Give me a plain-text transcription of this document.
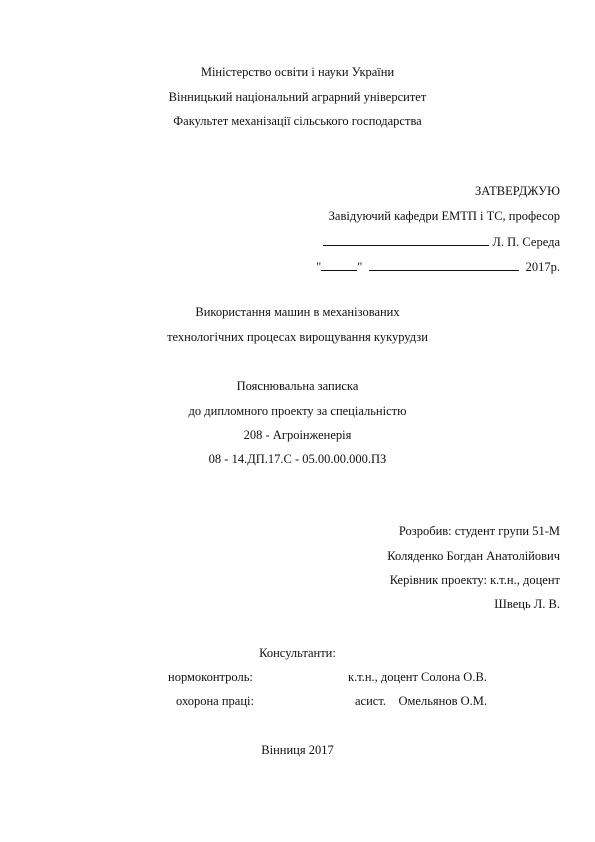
Міністерство освіти і науки України
Вінницький національний аграрний університет
Факультет механізації сільського господарства
ЗАТВЕРДЖУЮ
Завідуючий кафедри ЕМТП і ТС, професор
Л. П. Середа
"	"	2017р.
Використання машин в механізованих
технологічних процесах вирощування кукурудзи
Пояснювальна записка
до дипломного проекту за спеціальністю
208 - Агроінженерія
08 - 14.ДП.17.С - 05.00.00.000.ПЗ
Розробив: студент групи 51-М
Коляденко Богдан Анатолійович
Керівник проекту: к.т.н., доцент
Швець Л. В.
Консультанти:
нормоконтроль:	к.т.н., доцент Солона О.В.
охорона праці:	асист.    Омельянов О.М.
Вінниця 2017
